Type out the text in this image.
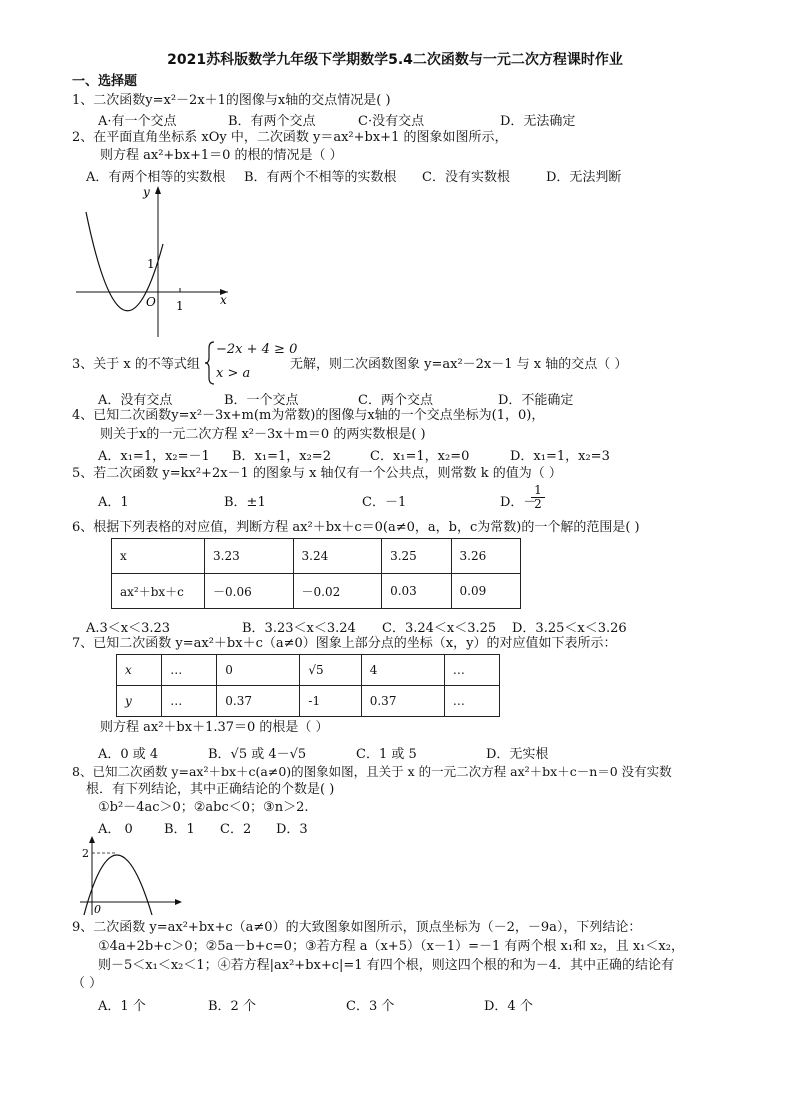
2021苏科版数学九年级下学期数学5.4二次函数与一元二次方程课时作业
一、选择题
1、二次函数y=x²－2x＋1的图像与x轴的交点情况是( )
A·有一个交点	B．有两个交点	C·没有交点	D．无法确定
2、在平面直角坐标系 xOy 中，二次函数 y＝ax²+bx+1 的图象如图所示，
则方程 ax²+bx+1＝0 的根的情况是（ ）
A．有两个相等的实数根 B．有两个不相等的实数根 C．没有实数根	D．无法判断
y
x
O
1
1
3、关于 x 的不等式组
−2x + 4 ≥ 0
x > a
无解，则二次函数图象 y=ax²－2x－1 与 x 轴的交点（ ）
A．没有交点	B．一个交点	C．两个交点	D．不能确定
4、已知二次函数y=x²－3x+m(m为常数)的图像与x轴的一个交点坐标为(1，0)，
则关于x的一元二次方程 x²－3x＋m＝0 的两实数根是( )
A．x₁=1，x₂=－1 B．x₁=1，x₂=2	C．x₁=1，x₂=0	D．x₁=1，x₂=3
5、若二次函数 y=kx²+2x－1 的图象与 x 轴仅有一个公共点，则常数 k 的值为（ ）
A．1	B．±1	C．－1	D．－
$\frac{1}{2}$
6、根据下列表格的对应值，判断方程 ax²＋bx＋c＝0(a≠0，a，b，c为常数)的一个解的范围是( )
x	3.23	3.24	3.25	3.26
ax²＋bx＋c	－0.06	－0.02	0.03	0.09
A.3＜x＜3.23	B．3.23＜x＜3.24 C．3.24＜x＜3.25 D．3.25＜x＜3.26
7、已知二次函数 y=ax²＋bx＋c（a≠0）图象上部分点的坐标（x，y）的对应值如下表所示：
x	…	0	√5	4	…
y	…	0.37	-1	0.37	…
则方程 ax²＋bx＋1.37＝0 的根是（ ）
A．0 或 4	B．√5 或 4－√5	C．1 或 5	D．无实根
8、已知二次函数 y=ax²＋bx＋c(a≠0)的图象如图，且关于 x 的一元二次方程 ax²＋bx＋c－n＝0 没有实数
根．有下列结论，其中正确结论的个数是( )
①b²－4ac＞0；②abc＜0；③n＞2.
A． 0 B．1 C．2 D．3
2
0
9、二次函数 y=ax²+bx+c（a≠0）的大致图象如图所示，顶点坐标为（－2，－9a），下列结论：
①4a+2b+c＞0；②5a－b+c=0；③若方程 a（x+5）（x－1）=－1 有两个根 x₁和 x₂，且 x₁＜x₂，
则－5＜x₁＜x₂＜1；④若方程|ax²+bx+c|=1 有四个根，则这四个根的和为－4．其中正确的结论有
（ ）
A．1 个	B．2 个	C．3 个	D．4 个
